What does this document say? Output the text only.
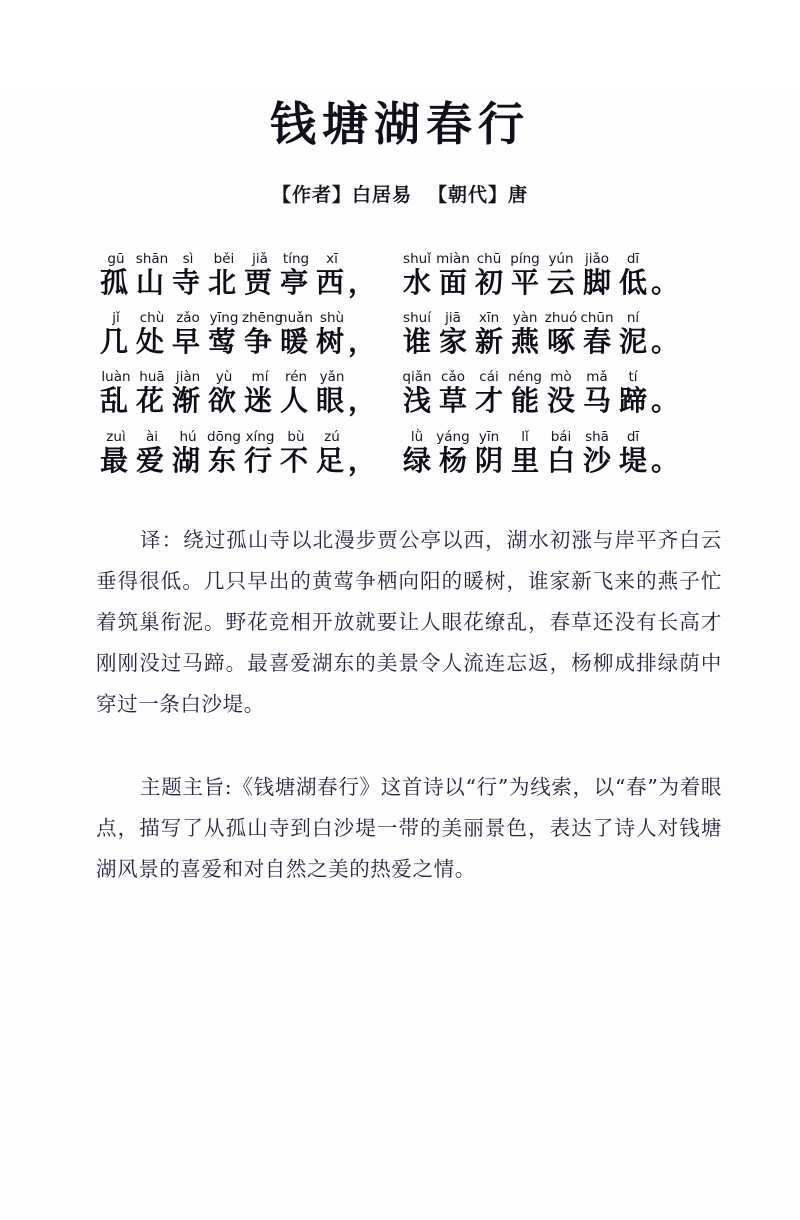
钱塘湖春行
【作者】白居易 【朝代】唐
gū shān	sì	běi	jiǎ	tíng	xī
孤 山 寺 北 贾 亭 西 ，
shuǐ miàn chū píng yún jiǎo	dī
水 面 初 平 云 脚 低 。
jǐ	chù zǎo yīng zhēng
nuǎn shù
几 处 早 莺 争 暖 树 ，
shuí	jiā	xīn yàn zhuó chūn ní
谁 家 新 燕 啄 春 泥 。
luàn huā jiàn	yù	mí	rén yǎn
乱 花 渐 欲 迷 人 眼 ，
qiǎn cǎo	cái néng mò	mǎ	tí
浅 草 才 能 没 马 蹄 。
zuì	ài	hú dōng xíng bù	zú
最 爱 湖 东 行 不 足 ，
lǜ yáng yīn	lǐ	bái	shā	dī
绿 杨 阴 里 白 沙 堤 。

译：绕过孤山寺以北漫步贾公亭以西，湖水初涨与岸平齐白云垂得很低。几只早出的黄莺争栖向阳的暖树，谁家新飞来的燕子忙着筑巢衔泥。野花竞相开放就要让人眼花缭乱，春草还没有长高才刚刚没过马蹄。最喜爱湖东的美景令人流连忘返，杨柳成排绿荫中穿过一条白沙堤。

主题主旨:《钱塘湖春行》这首诗以“行”为线索，以“春”为着眼点，描写了从孤山寺到白沙堤一带的美丽景色，表达了诗人对钱塘湖风景的喜爱和对自然之美的热爱之情。
